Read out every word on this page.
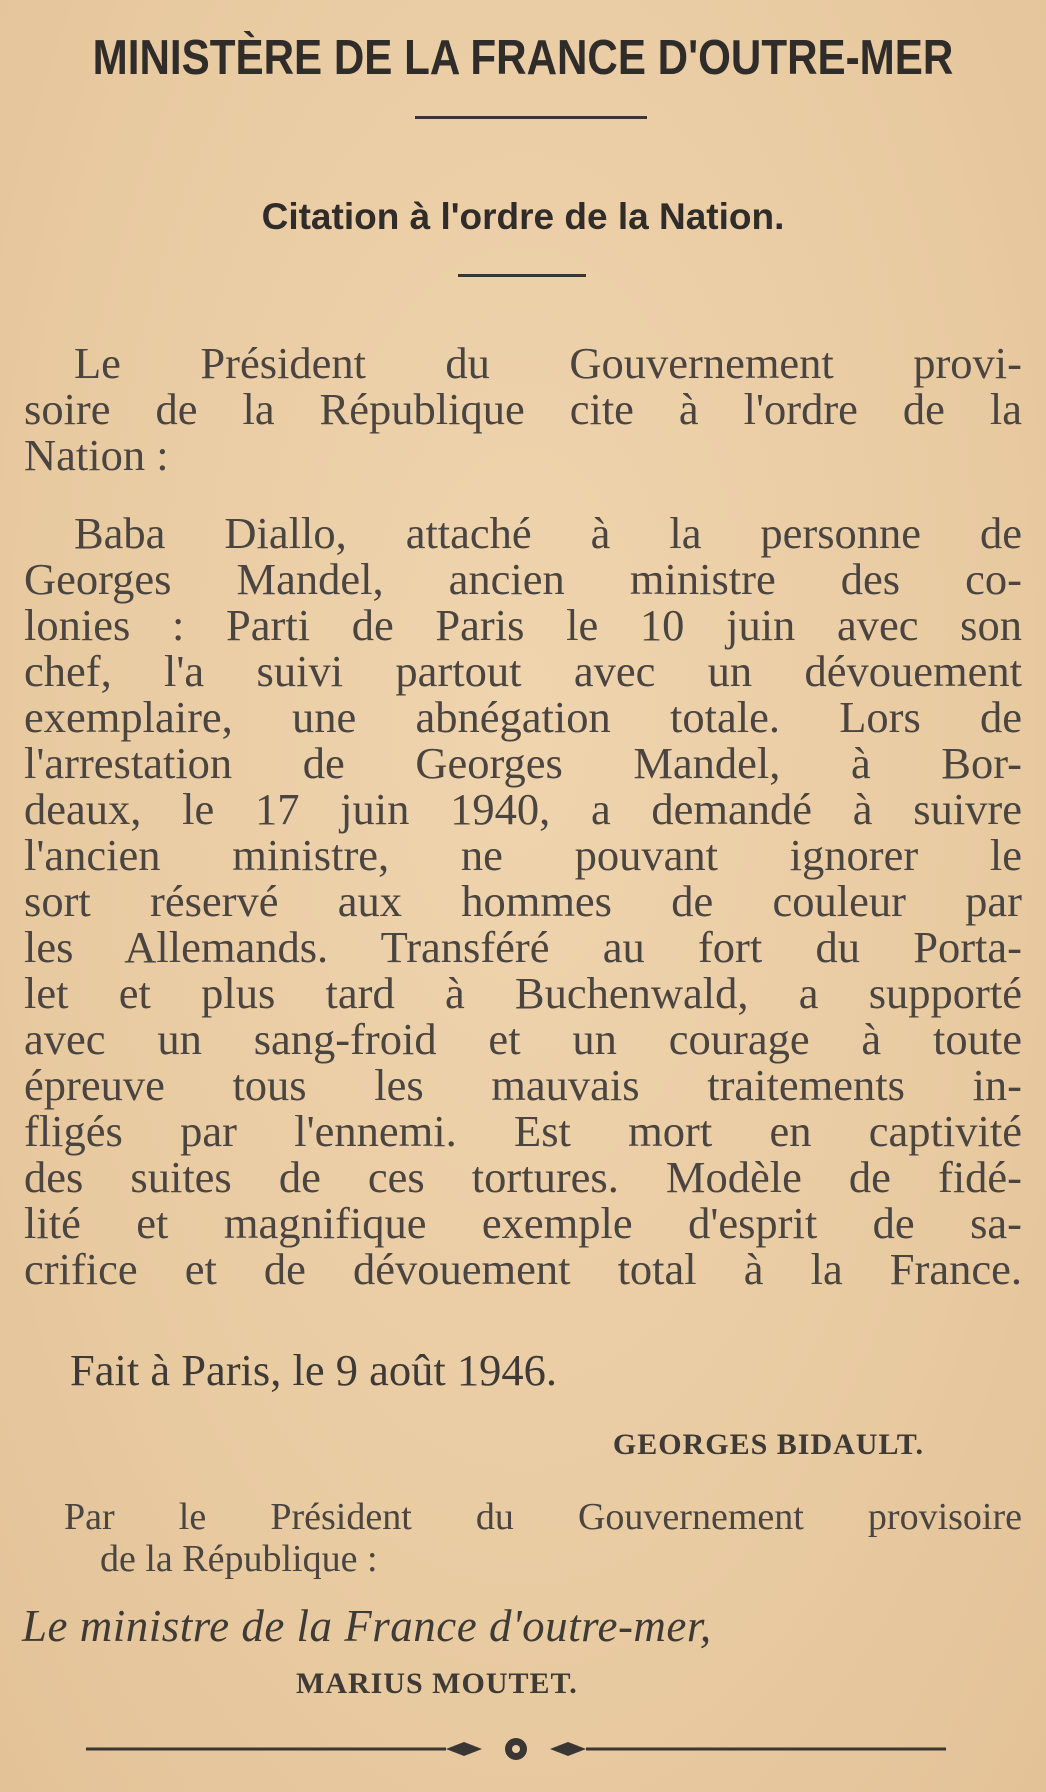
MINISTÈRE DE LA FRANCE D'OUTRE-MER
Citation à l'ordre de la Nation.
Le Président du Gouvernement provi-
soire de la République cite à l'ordre de la
Nation :
Baba Diallo, attaché à la personne de
Georges Mandel, ancien ministre des co-
lonies : Parti de Paris le 10 juin avec son
chef, l'a suivi partout avec un dévouement
exemplaire, une abnégation totale. Lors de
l'arrestation de Georges Mandel, à Bor-
deaux, le 17 juin 1940, a demandé à suivre
l'ancien ministre, ne pouvant ignorer le
sort réservé aux hommes de couleur par
les Allemands. Transféré au fort du Porta-
let et plus tard à Buchenwald, a supporté
avec un sang-froid et un courage à toute
épreuve tous les mauvais traitements in-
fligés par l'ennemi. Est mort en captivité
des suites de ces tortures. Modèle de fidé-
lité et magnifique exemple d'esprit de sa-
crifice et de dévouement total à la France.
Fait à Paris, le 9 août 1946.
GEORGES BIDAULT.
Par le Président du Gouvernement provisoire
de la République :
Le ministre de la France d'outre-mer,
MARIUS MOUTET.
